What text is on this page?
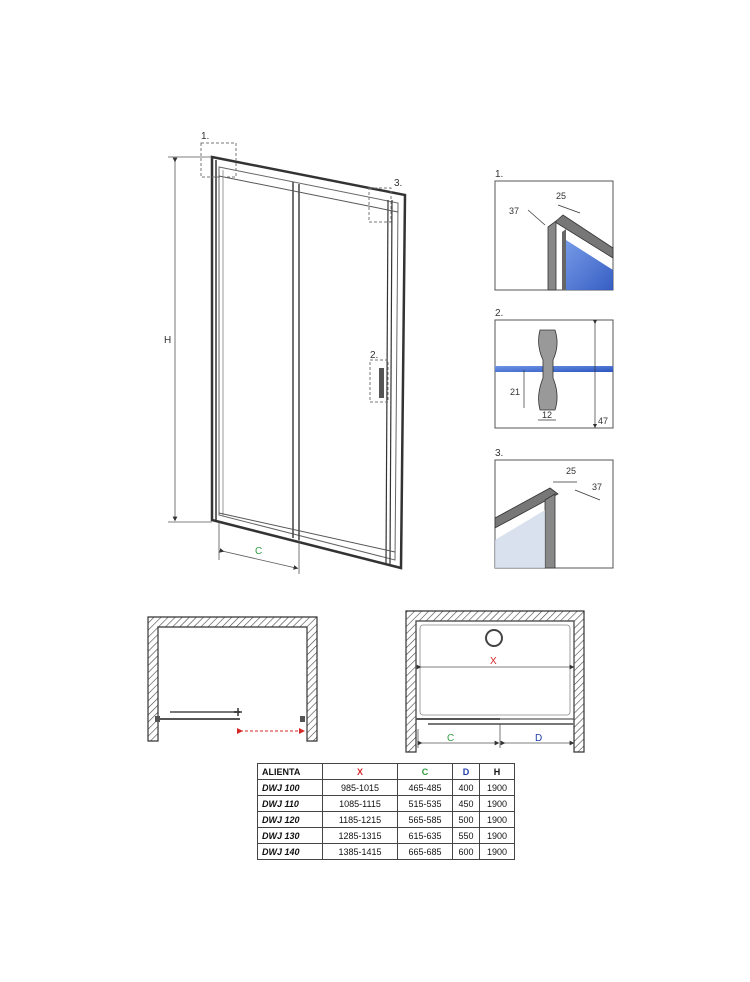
1.
3.
2.
H
C
1.
25
37
2.
21
12
47
3.
25
37
X
C	D
ALIENTA	X	C	D	H
DWJ 100	985-1015	465-485	400	1900
DWJ 110	1085-1115	515-535	450	1900
DWJ 120	1185-1215	565-585	500	1900
DWJ 130	1285-1315	615-635	550	1900
DWJ 140	1385-1415	665-685	600	1900
